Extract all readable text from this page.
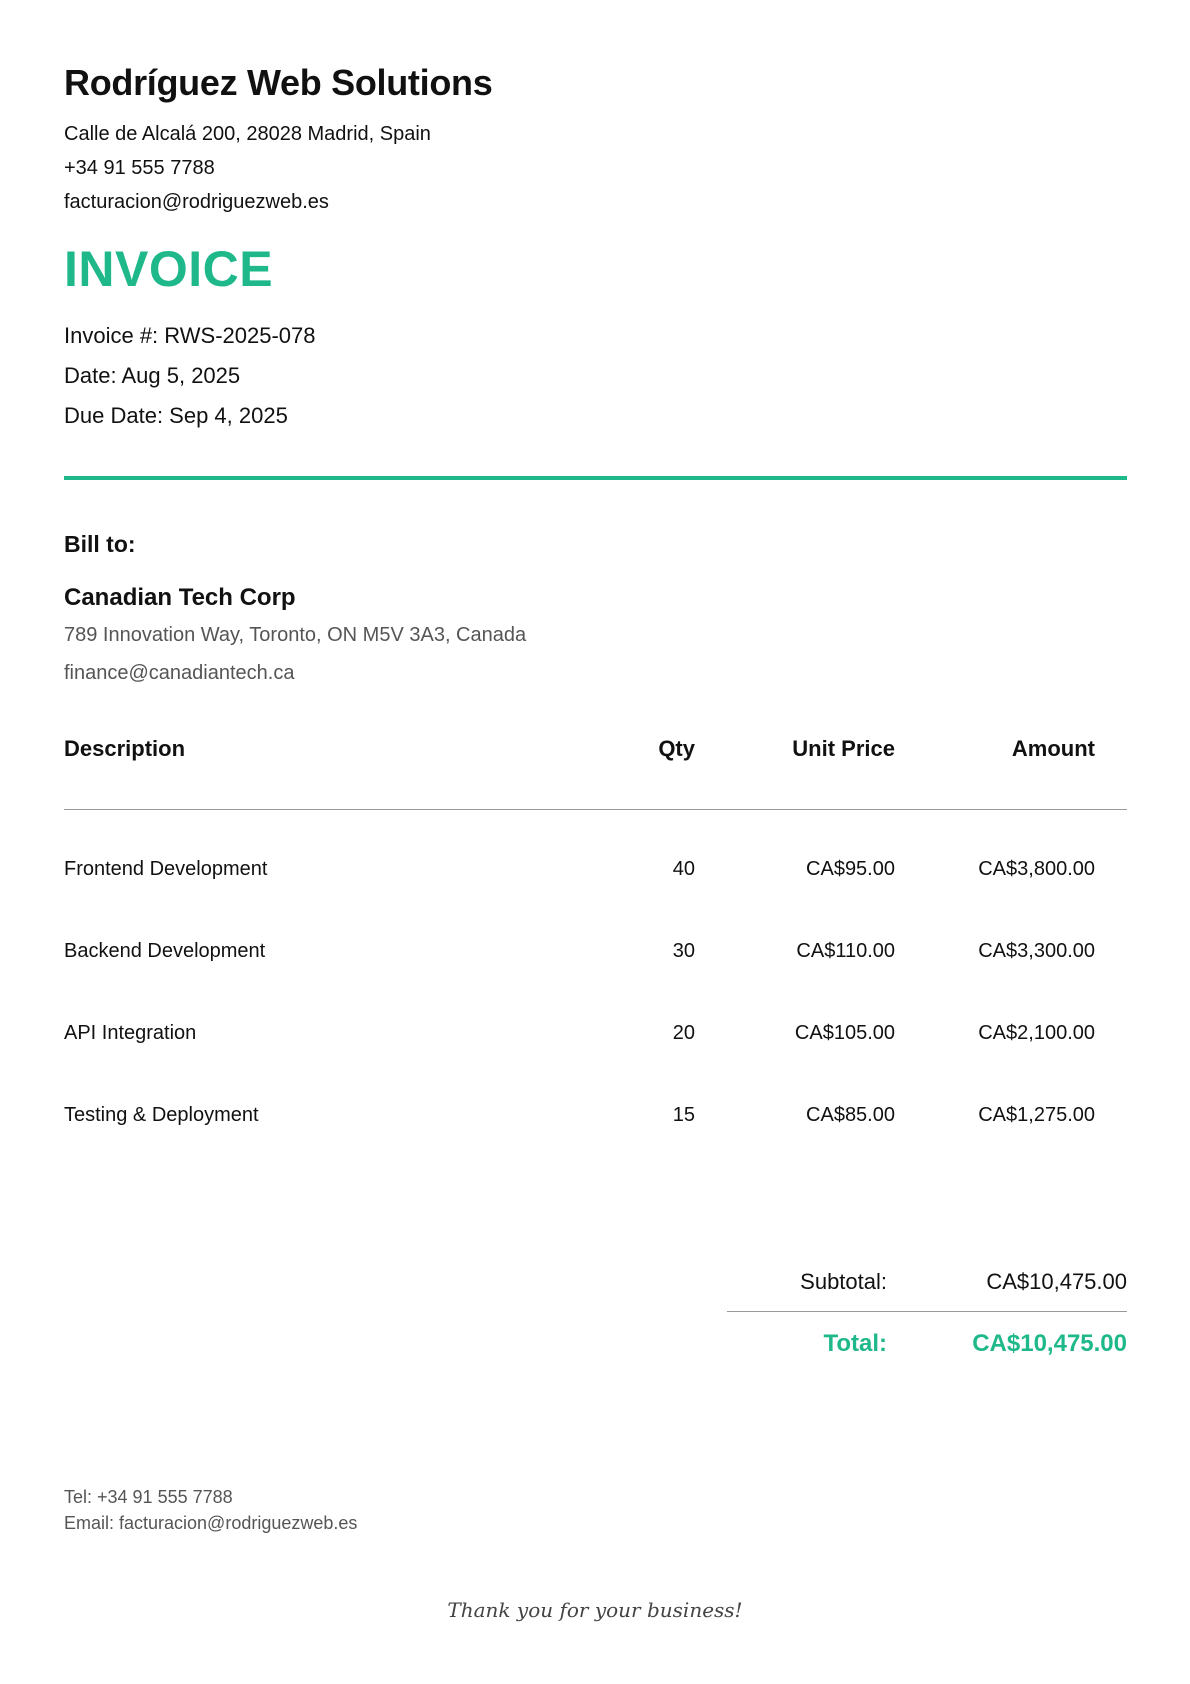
Rodríguez Web Solutions
Calle de Alcalá 200, 28028 Madrid, Spain
+34 91 555 7788
facturacion@rodriguezweb.es
INVOICE
Invoice #: RWS-2025-078
Date: Aug 5, 2025
Due Date: Sep 4, 2025
Bill to:
Canadian Tech Corp
789 Innovation Way, Toronto, ON M5V 3A3, Canada
finance@canadiantech.ca
Description	Qty	Unit Price	Amount
Frontend Development	40	CA$95.00	CA$3,800.00
Backend Development	30	CA$110.00	CA$3,300.00
API Integration	20	CA$105.00	CA$2,100.00
Testing & Deployment	15	CA$85.00	CA$1,275.00
Subtotal:	CA$10,475.00
Total:	CA$10,475.00
Tel: +34 91 555 7788
Email: facturacion@rodriguezweb.es
Thank you for your business!
